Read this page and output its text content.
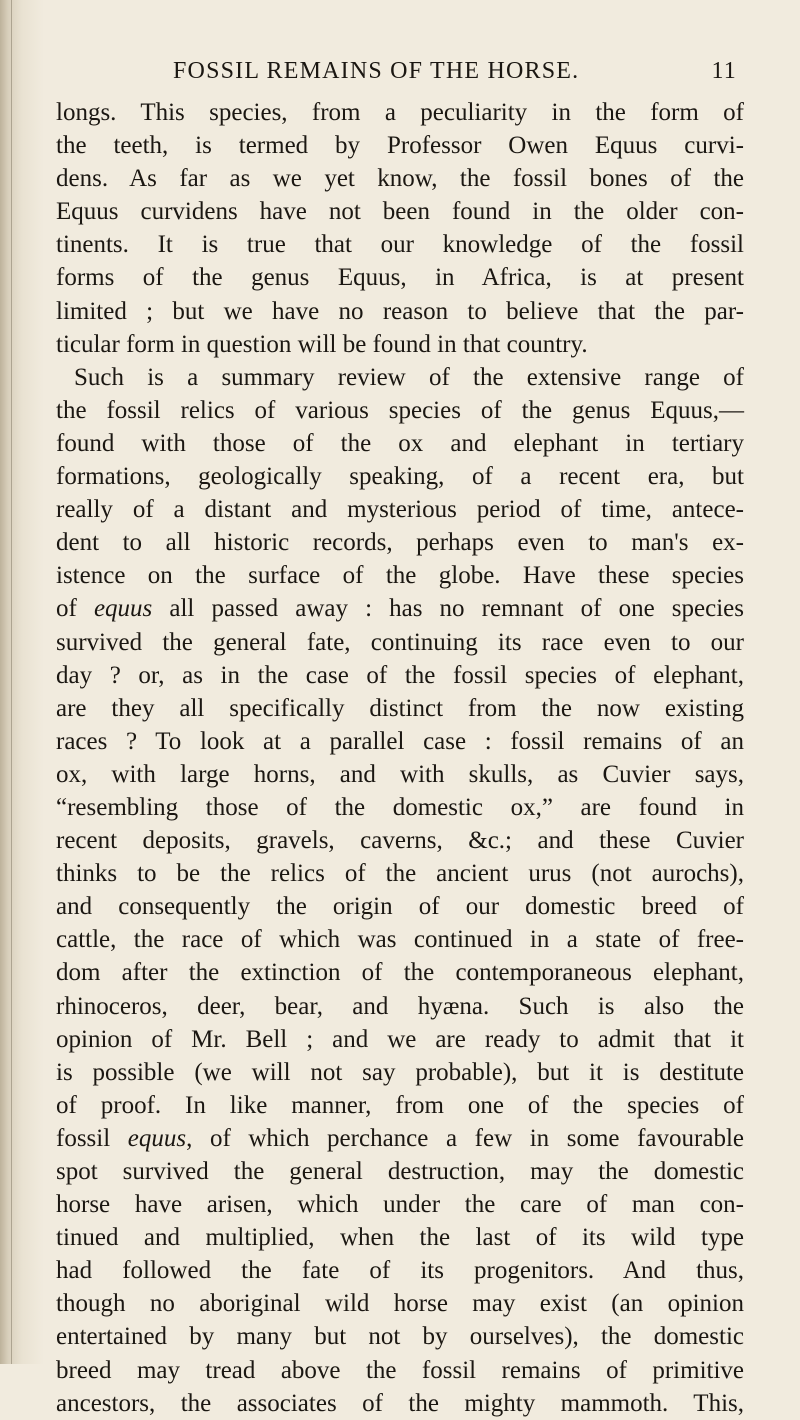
FOSSIL REMAINS OF THE HORSE.	11
longs. This species, from a peculiarity in the form of
the teeth, is termed by Professor Owen Equus curvi-
dens. As far as we yet know, the fossil bones of the
Equus curvidens have not been found in the older con-
tinents. It is true that our knowledge of the fossil
forms of the genus Equus, in Africa, is at present
limited ; but we have no reason to believe that the par-
ticular form in question will be found in that country.
Such is a summary review of the extensive range of
the fossil relics of various species of the genus Equus,—
found with those of the ox and elephant in tertiary
formations, geologically speaking, of a recent era, but
really of a distant and mysterious period of time, antece-
dent to all historic records, perhaps even to man's ex-
istence on the surface of the globe. Have these species
of equus all passed away : has no remnant of one species
survived the general fate, continuing its race even to our
day ? or, as in the case of the fossil species of elephant,
are they all specifically distinct from the now existing
races ? To look at a parallel case : fossil remains of an
ox, with large horns, and with skulls, as Cuvier says,
“resembling those of the domestic ox,” are found in
recent deposits, gravels, caverns, &c.; and these Cuvier
thinks to be the relics of the ancient urus (not aurochs),
and consequently the origin of our domestic breed of
cattle, the race of which was continued in a state of free-
dom after the extinction of the contemporaneous elephant,
rhinoceros, deer, bear, and hyæna. Such is also the
opinion of Mr. Bell ; and we are ready to admit that it
is possible (we will not say probable), but it is destitute
of proof. In like manner, from one of the species of
fossil equus, of which perchance a few in some favourable
spot survived the general destruction, may the domestic
horse have arisen, which under the care of man con-
tinued and multiplied, when the last of its wild type
had followed the fate of its progenitors. And thus,
though no aboriginal wild horse may exist (an opinion
entertained by many but not by ourselves), the domestic
breed may tread above the fossil remains of primitive
ancestors, the associates of the mighty mammoth. This,
